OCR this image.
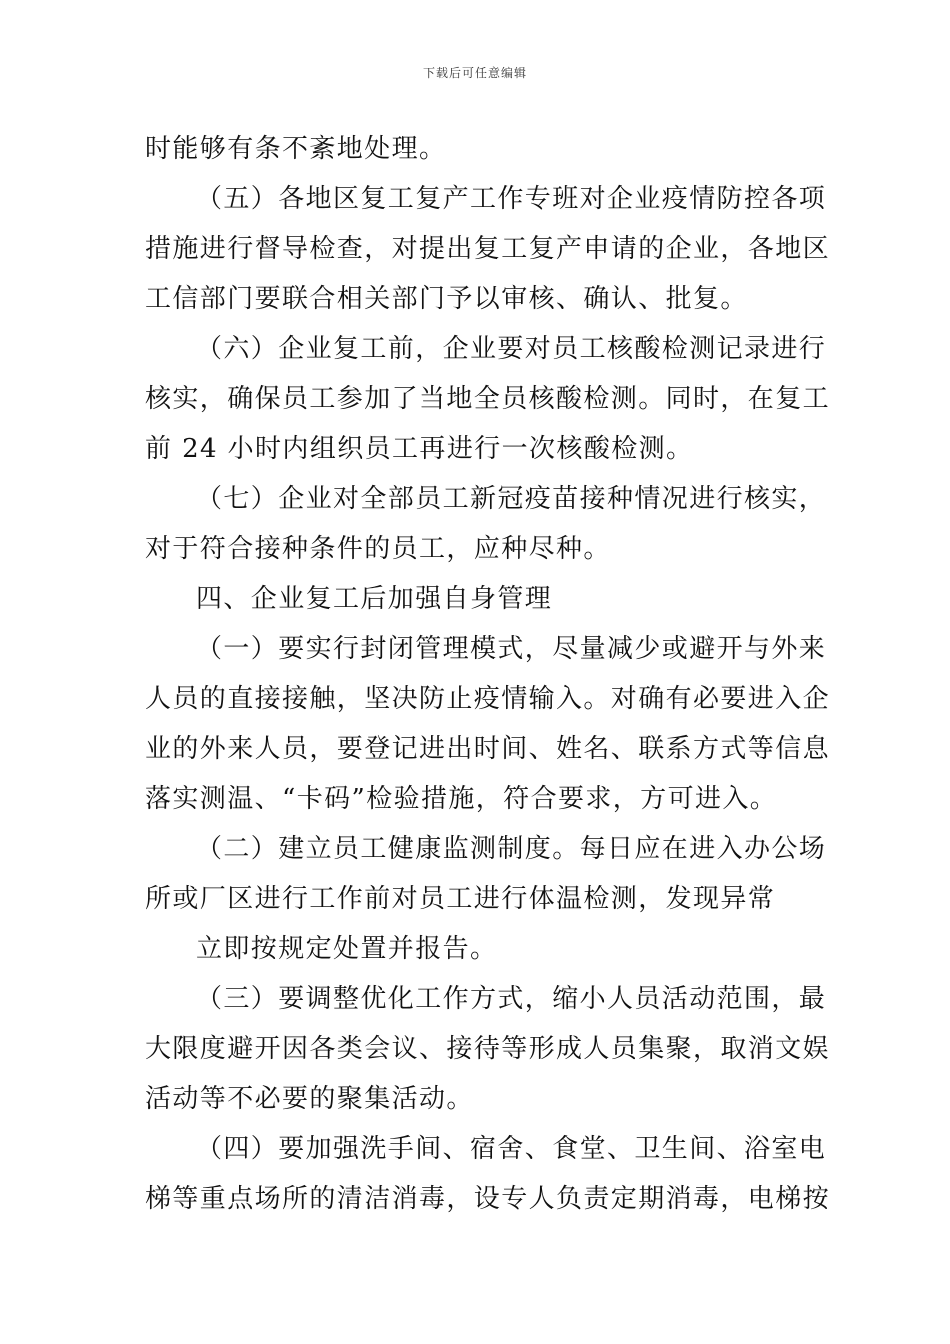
下载后可任意编辑
时能够有条不紊地处理。
（五）各地区复工复产工作专班对企业疫情防控各项
措施进行督导检查，对提出复工复产申请的企业，各地区
工信部门要联合相关部门予以审核、确认、批复。
（六）企业复工前，企业要对员工核酸检测记录进行
核实，确保员工参加了当地全员核酸检测。同时，在复工
前 24 小时内组织员工再进行一次核酸检测。
（七）企业对全部员工新冠疫苗接种情况进行核实，
对于符合接种条件的员工，应种尽种。
四、企业复工后加强自身管理
（一）要实行封闭管理模式，尽量减少或避开与外来
人员的直接接触，坚决防止疫情输入。对确有必要进入企
业的外来人员，要登记进出时间、姓名、联系方式等信息
落实测温、“卡码”检验措施，符合要求，方可进入。
（二）建立员工健康监测制度。每日应在进入办公场
所或厂区进行工作前对员工进行体温检测，发现异常
立即按规定处置并报告。
（三）要调整优化工作方式，缩小人员活动范围，最
大限度避开因各类会议、接待等形成人员集聚，取消文娱
活动等不必要的聚集活动。
（四）要加强洗手间、宿舍、食堂、卫生间、浴室电
梯等重点场所的清洁消毒，设专人负责定期消毒，电梯按
